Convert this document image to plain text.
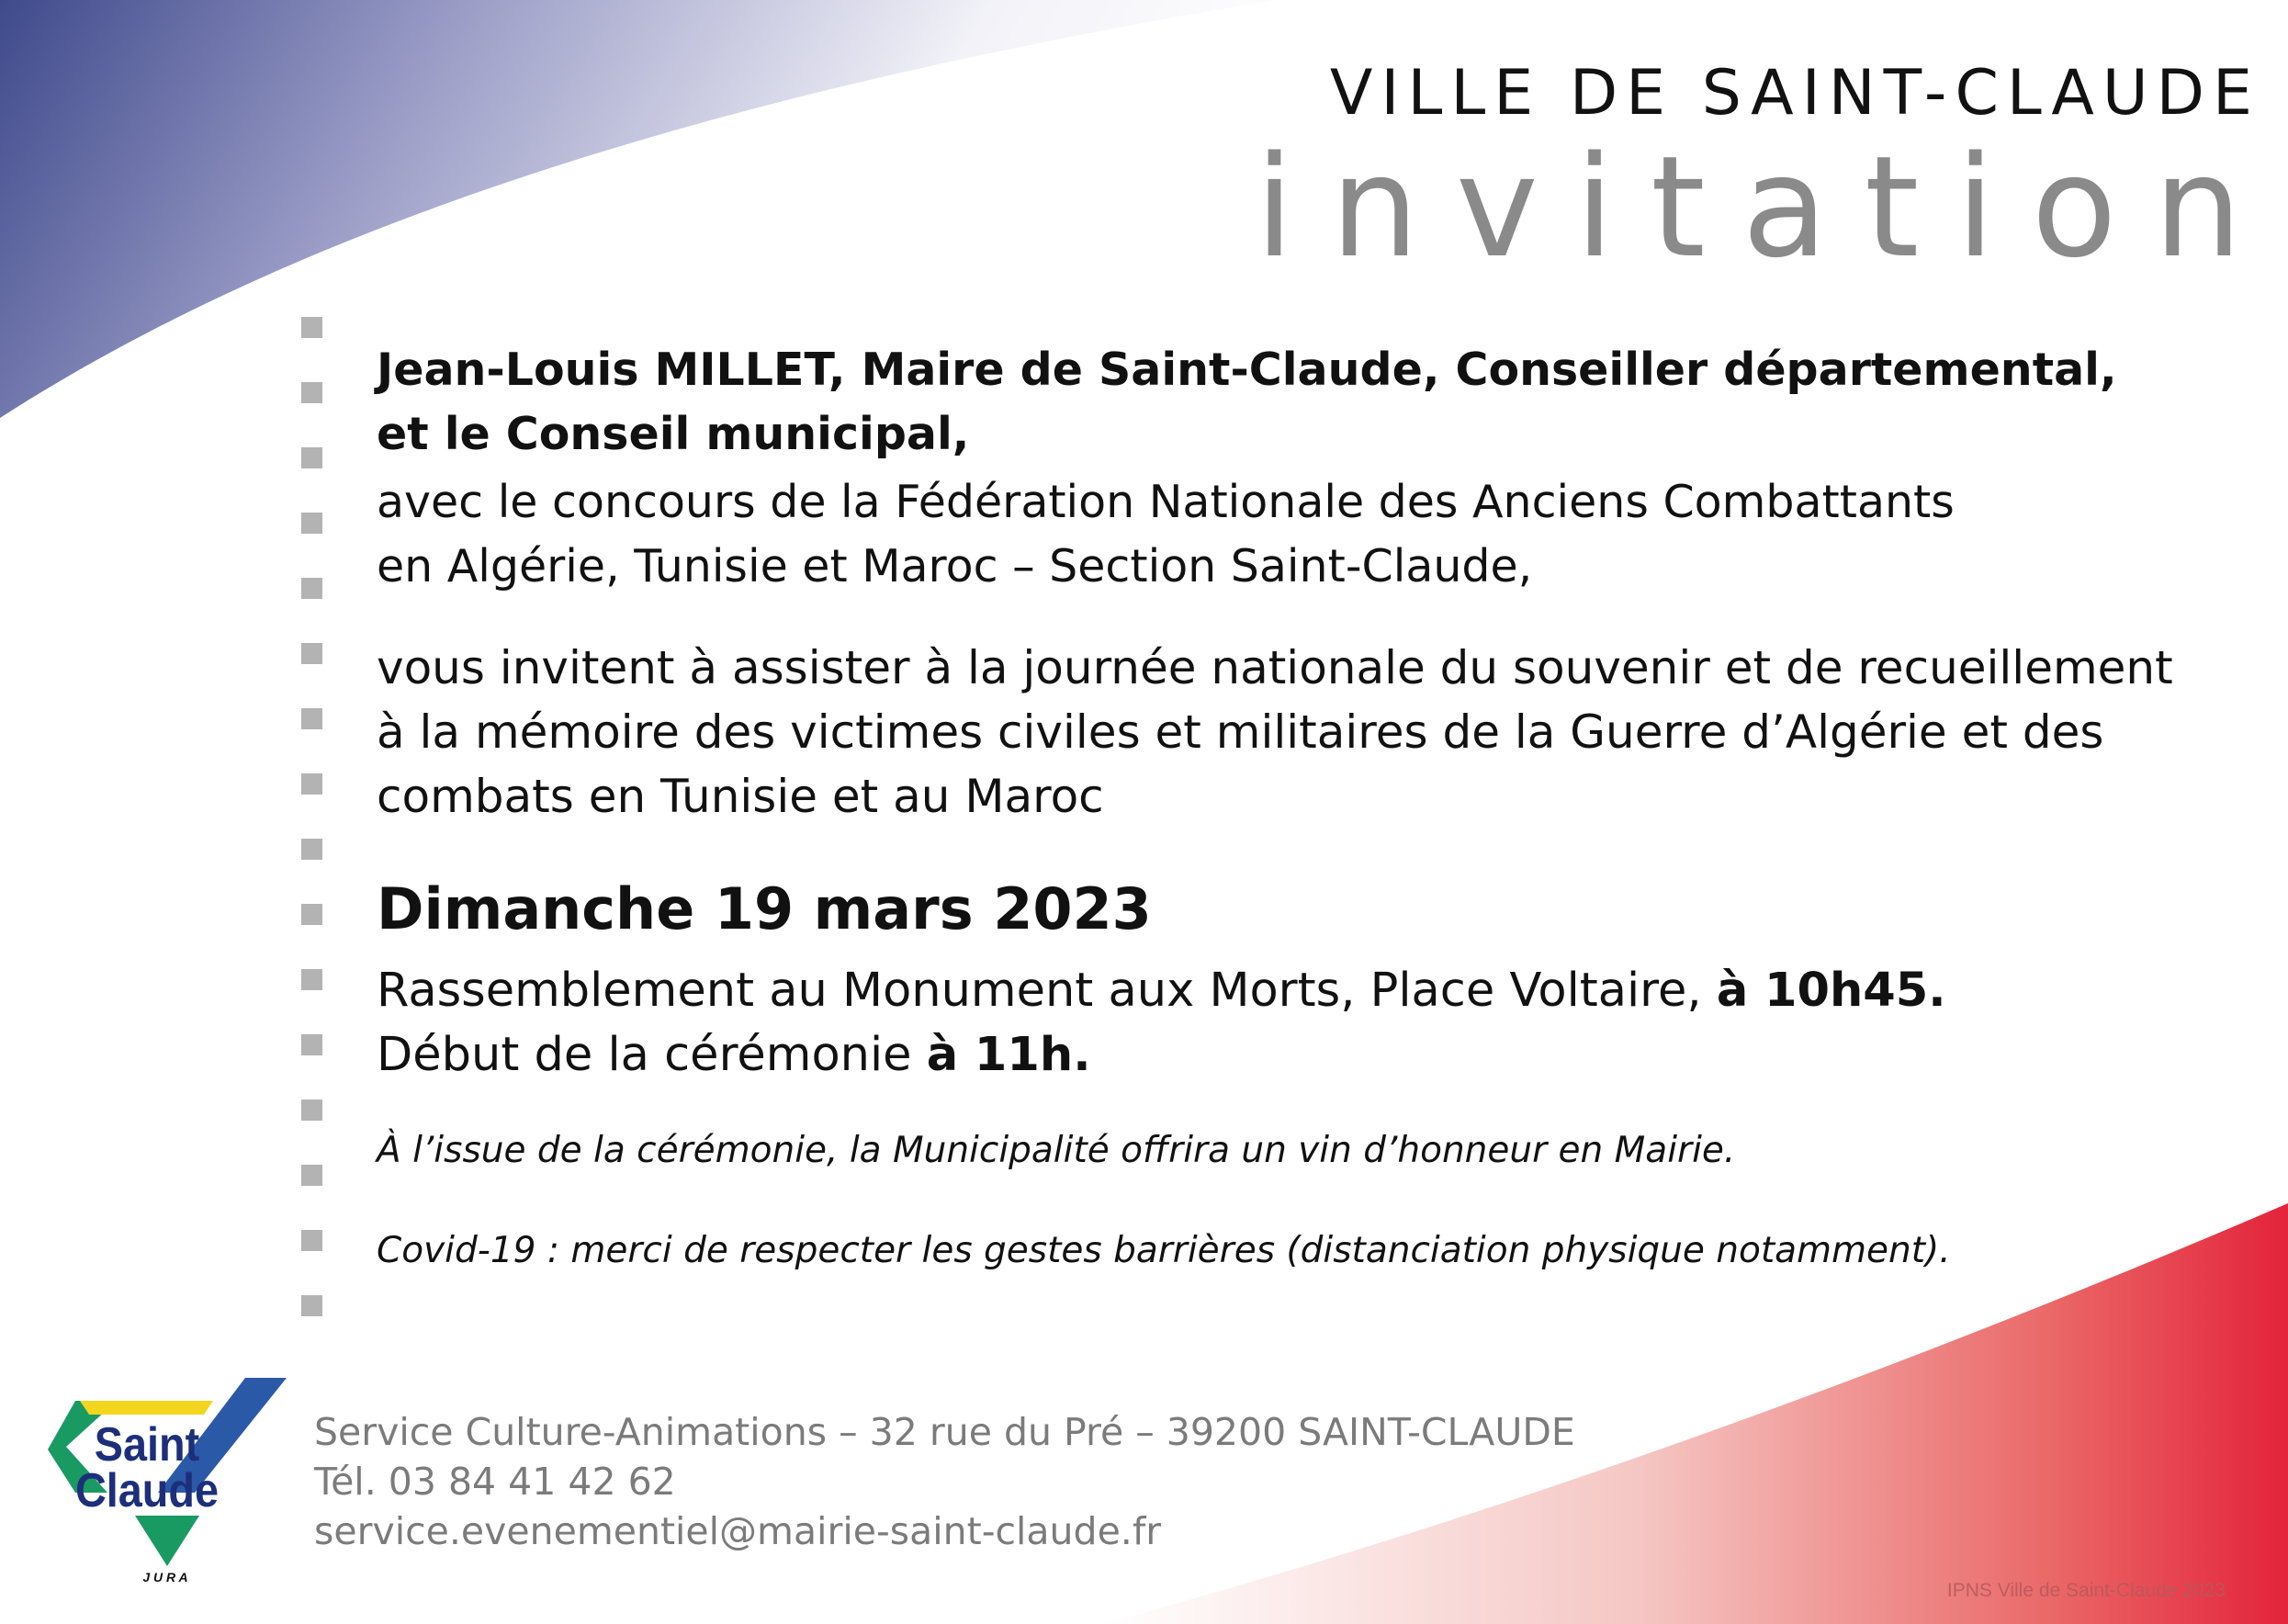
VILLE DE SAINT-CLAUDE
invitation
Jean-Louis MILLET, Maire de Saint-Claude, Conseiller départemental,
et le Conseil municipal,
avec le concours de la Fédération Nationale des Anciens Combattants
en Algérie, Tunisie et Maroc – Section Saint-Claude,
vous invitent à assister à la journée nationale du souvenir et de recueillement
à la mémoire des victimes civiles et militaires de la Guerre d’Algérie et des
combats en Tunisie et au Maroc
Dimanche 19 mars 2023
Rassemblement au Monument aux Morts, Place Voltaire, à 10h45.
Début de la cérémonie à 11h.
À l’issue de la cérémonie, la Municipalité offrira un vin d’honneur en Mairie.
Covid-19 : merci de respecter les gestes barrières (distanciation physique notamment).
Saint
Claude
J U R A
Service Culture-Animations – 32 rue du Pré – 39200 SAINT-CLAUDE
Tél. 03 84 41 42 62
service.evenementiel@mairie-saint-claude.fr
IPNS Ville de Saint-Claude 2023
